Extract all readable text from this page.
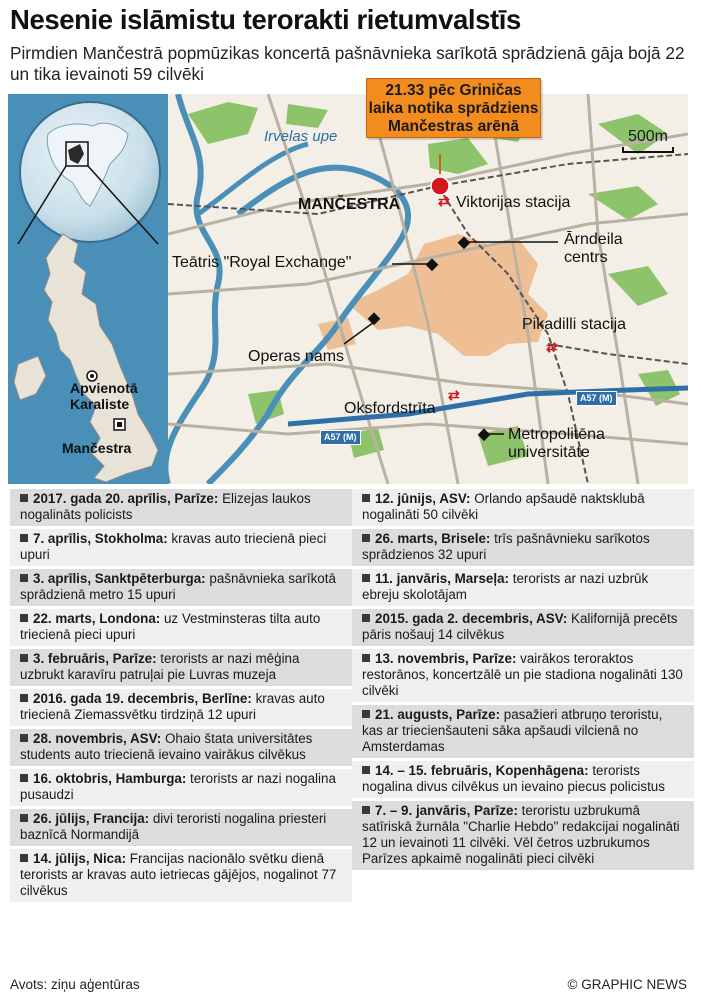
Nesenie islāmistu terorakti rietumvalstīs
Pirmdien Mančestrā popmūzikas koncertā pašnāvnieka sarīkotā sprādzienā gāja bojā 22 un tika ievainoti 59 cilvēki
Apvienotā Karaliste
Mančestra
⇄
⇄
⇄
Irvelas upe
MANČESTRA	Viktorijas stacija
Ārndeila centrs
Teātris "Royal Exchange"
Pikadilli stacija
Operas nams
Oksfordstrīta
Metropolitēna universitāte
A57 (M)
A57 (M)
500m
21.33 pēc Griničas laika notika sprādziens Mančestras arēnā
2017. gada 20. aprīlis, Parīze: Elizejas laukos nogalināts policists
7. aprīlis, Stokholma: kravas auto triecienā pieci upuri
3. aprīlis, Sanktpēterburga: pašnāvnieka sarīkotā sprādzienā metro 15 upuri
22. marts, Londona: uz Vestminsteras tilta auto triecienā pieci upuri
3. februāris, Parīze: terorists ar nazi mēģina uzbrukt karavīru patruļai pie Luvras muzeja
2016. gada 19. decembris, Berlīne: kravas auto triecienā Ziemassvētku tirdziņā 12 upuri
28. novembris, ASV: Ohaio štata universitātes students auto triecienā ievaino vairākus cilvēkus
16. oktobris, Hamburga: terorists ar nazi nogalina pusaudzi
26. jūlijs, Francija: divi teroristi nogalina priesteri baznīcā Normandijā
14. jūlijs, Nica: Francijas nacionālo svētku dienā terorists ar kravas auto ietriecas gājējos, nogalinot 77 cilvēkus
12. jūnijs, ASV: Orlando apšaudē naktsklubā nogalināti 50 cilvēki
26. marts, Brisele: trīs pašnāvnieku sarīkotos sprādzienos 32 upuri
11. janvāris, Marseļa: terorists ar nazi uzbrūk ebreju skolotājam
2015. gada 2. decembris, ASV: Kalifornijā precēts pāris nošauj 14 cilvēkus
13. novembris, Parīze: vairākos teroraktos restorānos, koncertzālē un pie stadiona nogalināti 130 cilvēki
21. augusts, Parīze: pasažieri atbruņo teroristu, kas ar triecienšauteni sāka apšaudi vilcienā no Amsterdamas
14. – 15. februāris, Kopenhāgena: terorists nogalina divus cilvēkus un ievaino piecus policistus
7. – 9. janvāris, Parīze: teroristu uzbrukumā satīriskā žurnāla "Charlie Hebdo" redakcijai nogalināti 12 un ievainoti 11 cilvēki. Vēl četros uzbrukumos Parīzes apkaimē nogalināti pieci cilvēki
Avots: ziņu aģentūras	© GRAPHIC NEWS
